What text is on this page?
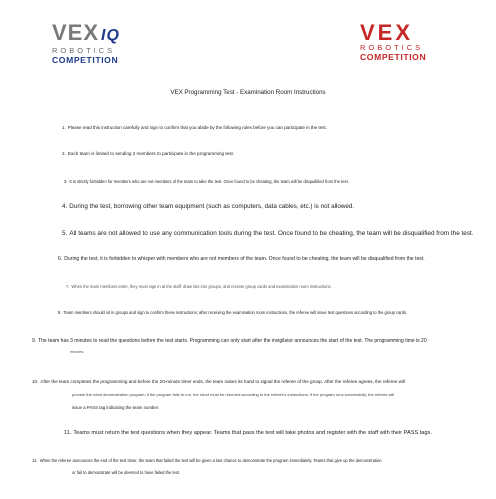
VEX IQ
ROBOTICS
COMPETITION
VEX
ROBOTICS
COMPETITION
VEX Programming Test - Examination Room Instructions
1. Please read this instruction carefully and sign to confirm that you abide by the following rules before you can participate in the test.
2. Each team is limited to sending 2 members to participate in the programming test.
3. It is strictly forbidden for members who are not members of the team to take the test. Once found to be cheating, the team will be disqualified from the test.
4. During the test, borrowing other team equipment (such as computers, data cables, etc.) is not allowed.
5. All teams are not allowed to use any communication tools during the test. Once found to be cheating, the team will be disqualified from the test.
6. During the test, it is forbidden to whisper with members who are not members of the team. Once found to be cheating, the team will be disqualified from the test.
7. When the team members enter, they must sign in at the staff, draw lots into groups, and receive group cards and examination room instructions.
8. Team members should sit in groups and sign to confirm these instructions; after receiving the examination room instructions, the referee will issue test questions according to the group cards.
9. The team has 3 minutes to read the questions before the test starts. Programming can only start after the invigilator announces the start of the test. The programming time is 20
minutes.
10. After the team completes the programming and before the 20-minute timer ends, the team raises its hand to signal the referee of the group. After the referee agrees, the referee will
provide the robot demonstration program; if the program fails to run, the robot must be returned according to the referee's instructions; if the program runs successfully, the referee will
issue a PASS tag indicating the team number.
11. Teams must return the test questions when they appear. Teams that pass the test will take photos and register with the staff with their PASS tags.
12. When the referee announces the end of the test timer, the team that failed the test will be given a last chance to demonstrate the program immediately. Teams that give up the demonstration
or fail to demonstrate will be deemed to have failed the test.
